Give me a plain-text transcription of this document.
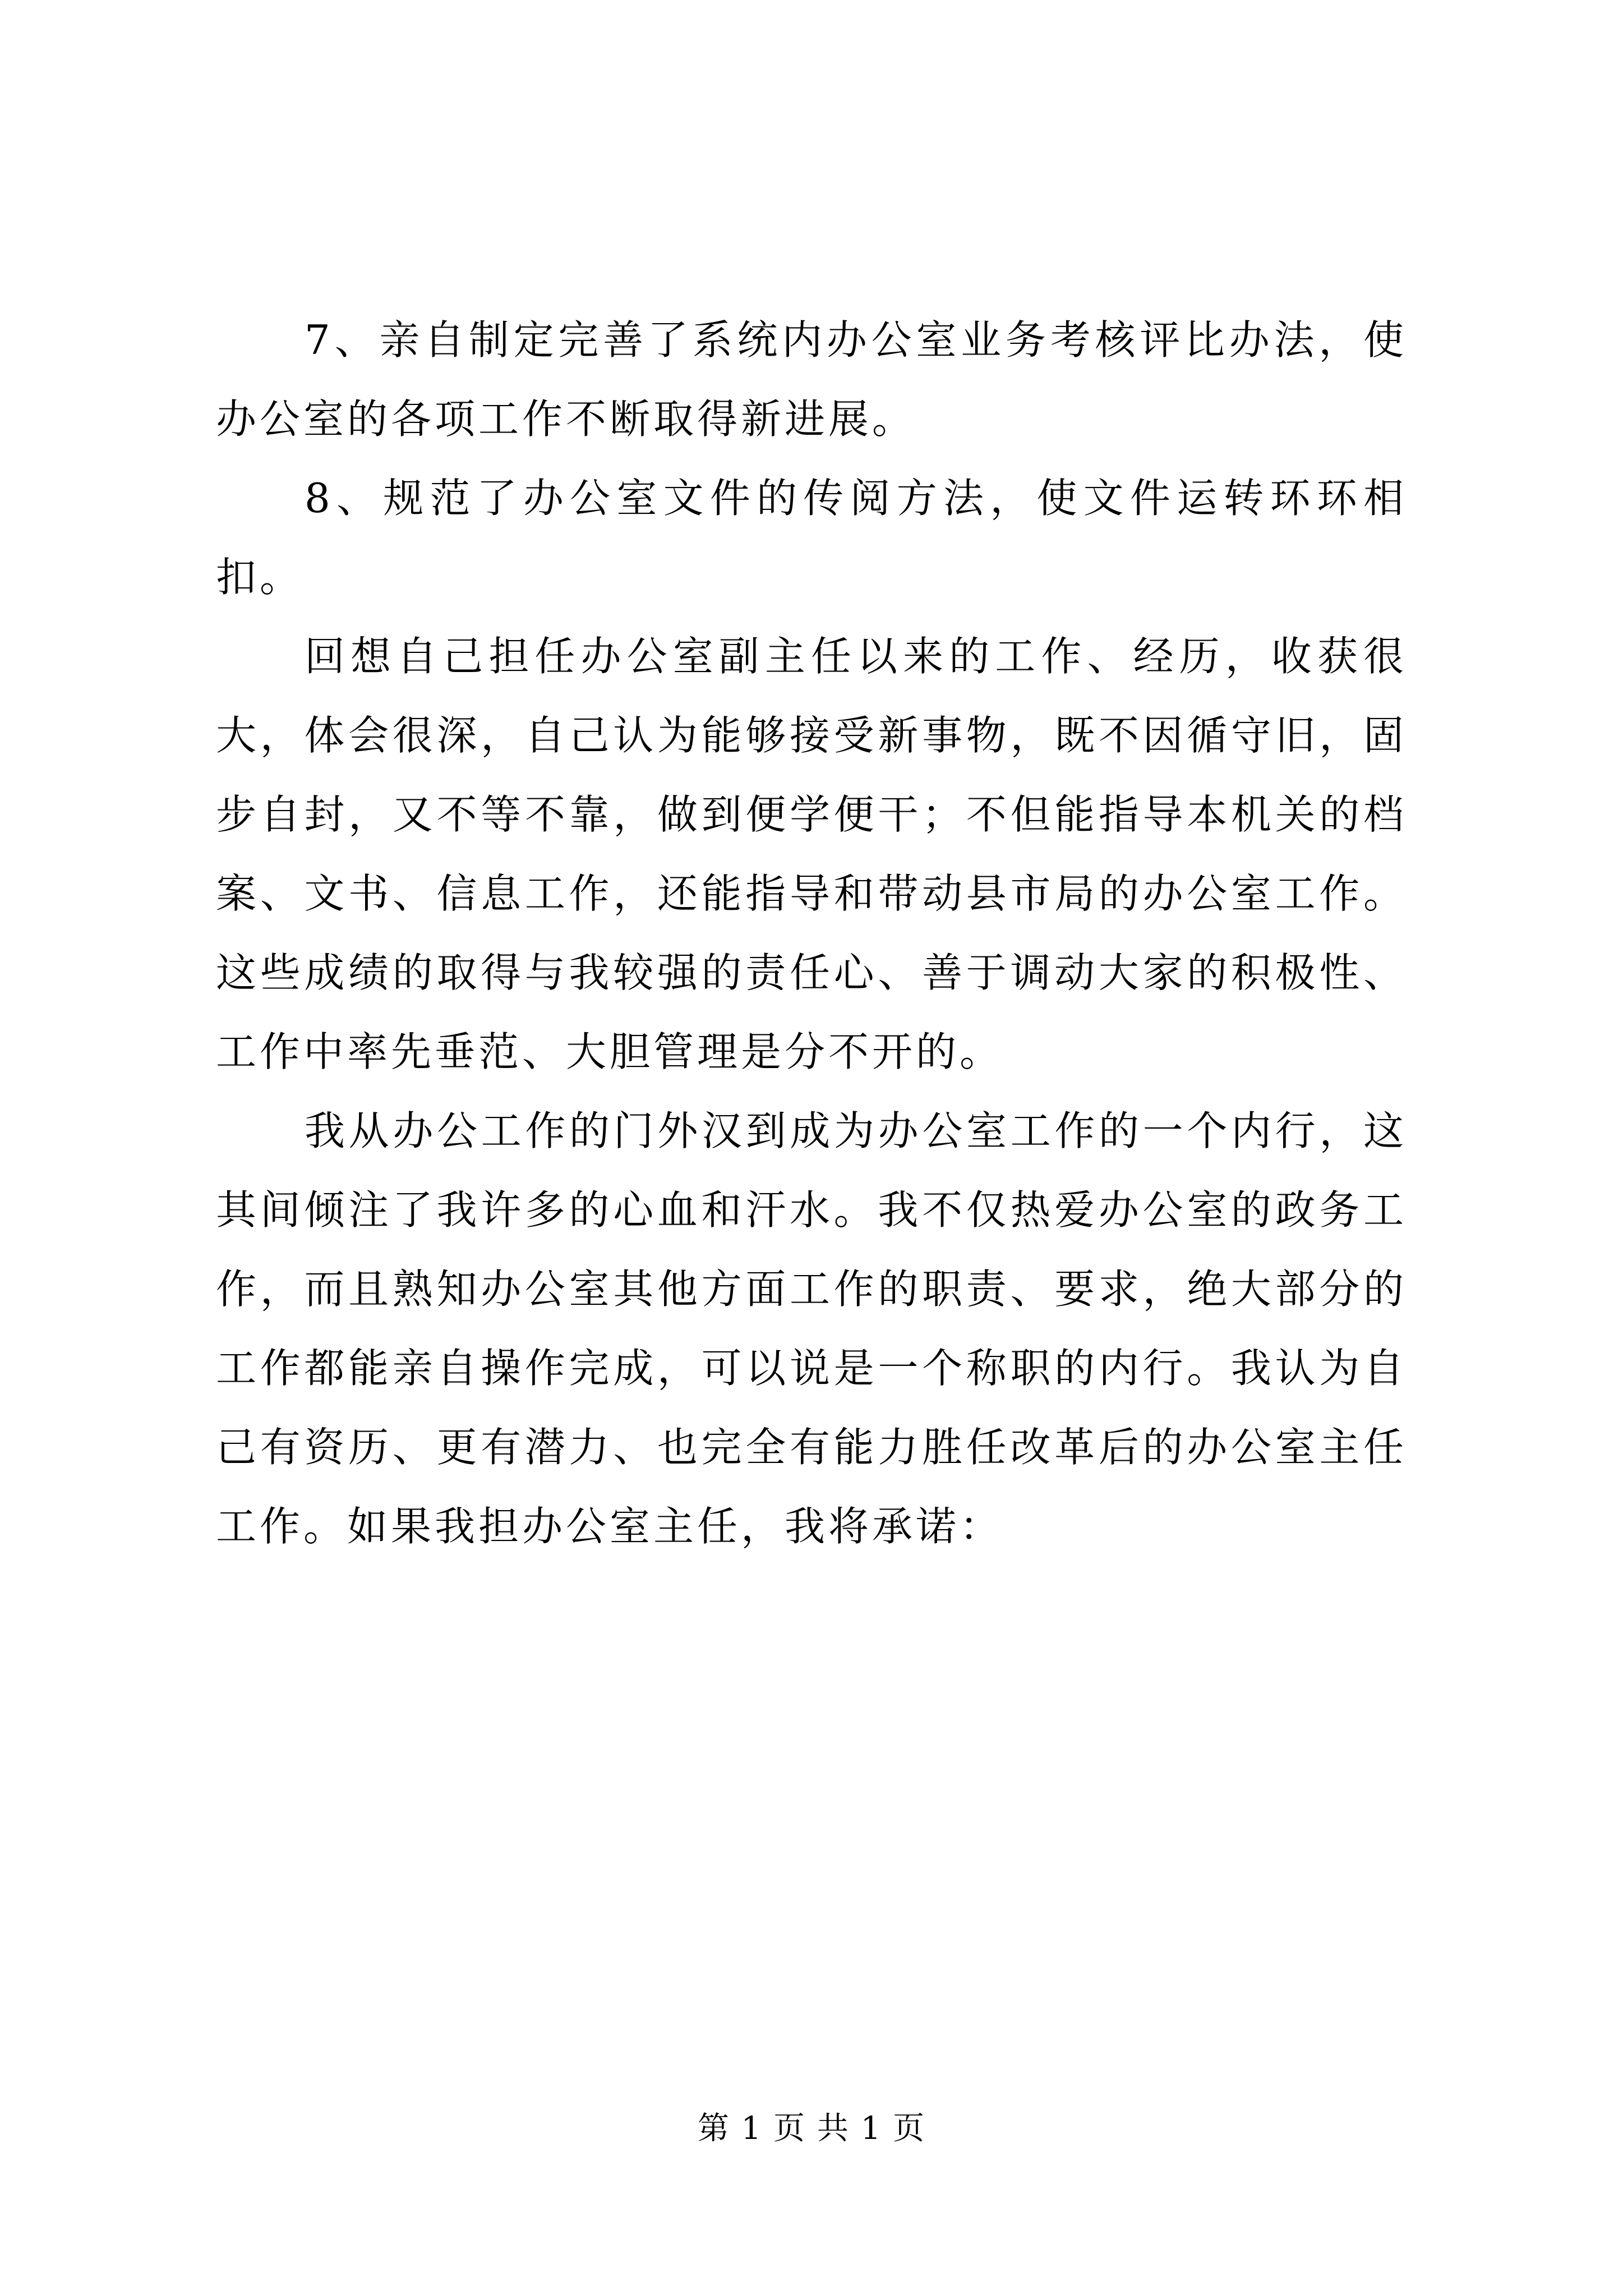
7、亲自制定完善了系统内办公室业务考核评比办法，使办公室的各项工作不断取得新进展。

8、规范了办公室文件的传阅方法，使文件运转环环相扣。

回想自己担任办公室副主任以来的工作、经历，收获很大，体会很深，自己认为能够接受新事物，既不因循守旧，固步自封，又不等不靠，做到便学便干；不但能指导本机关的档案、文书、信息工作，还能指导和带动县市局的办公室工作。这些成绩的取得与我较强的责任心、善于调动大家的积极性、工作中率先垂范、大胆管理是分不开的。

我从办公工作的门外汉到成为办公室工作的一个内行，这其间倾注了我许多的心血和汗水。我不仅热爱办公室的政务工作，而且熟知办公室其他方面工作的职责、要求，绝大部分的工作都能亲自操作完成，可以说是一个称职的内行。我认为自己有资历、更有潜力、也完全有能力胜任改革后的办公室主任工作。如果我担办公室主任，我将承诺：

第 1 页 共 1 页
